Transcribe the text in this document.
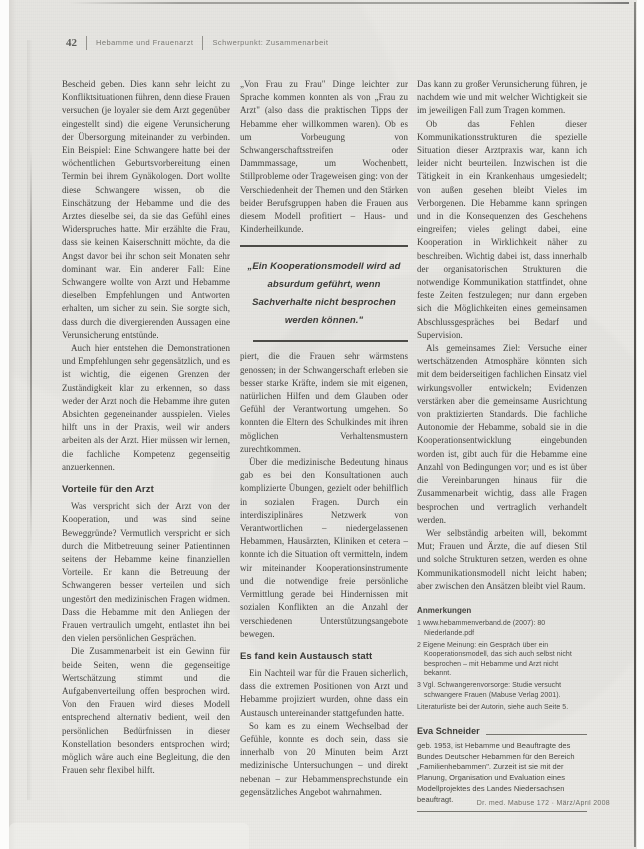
42	Hebamme und Frauenarzt	Schwerpunkt: Zusammenarbeit

Bescheid geben. Dies kann sehr leicht zu Konfliktsituationen führen, denn diese Frauen versuchen (je loyaler sie dem Arzt gegenüber eingestellt sind) die eigene Verunsicherung der Übersorgung miteinander zu verbinden. Ein Beispiel: Eine Schwangere hatte bei der wöchentlichen Geburtsvorbereitung einen Termin bei ihrem Gynäkologen. Dort wollte diese Schwangere wissen, ob die Einschätzung der Hebamme und die des Arztes dieselbe sei, da sie das Gefühl eines Widerspruches hatte. Mir erzählte die Frau, dass sie keinen Kaiserschnitt möchte, da die Angst davor bei ihr schon seit Monaten sehr dominant war. Ein anderer Fall: Eine Schwangere wollte von Arzt und Hebamme dieselben Empfehlungen und Antworten erhalten, um sicher zu sein. Sie sorgte sich, dass durch die divergierenden Aussagen eine Verunsicherung entstünde.

Auch hier entstehen die Demonstrationen und Empfehlungen sehr gegensätzlich, und es ist wichtig, die eigenen Grenzen der Zuständigkeit klar zu erkennen, so dass weder der Arzt noch die Hebamme ihre guten Absichten gegeneinander ausspielen. Vieles hilft uns in der Praxis, weil wir anders arbeiten als der Arzt. Hier müssen wir lernen, die fachliche Kompetenz gegenseitig anzuerkennen.

Vorteile für den Arzt

Was verspricht sich der Arzt von der Kooperation, und was sind seine Beweggründe? Vermutlich verspricht er sich durch die Mitbetreuung seiner Patientinnen seitens der Hebamme keine finanziellen Vorteile. Er kann die Betreuung der Schwangeren besser verteilen und sich ungestört den medizinischen Fragen widmen. Dass die Hebamme mit den Anliegen der Frauen vertraulich umgeht, entlastet ihn bei den vielen persönlichen Gesprächen.

Die Zusammenarbeit ist ein Gewinn für beide Seiten, wenn die gegenseitige Wertschätzung stimmt und die Aufgabenverteilung offen besprochen wird. Von den Frauen wird dieses Modell entsprechend alternativ bedient, weil den persönlichen Bedürfnissen in dieser Konstellation besonders entsprochen wird; möglich wäre auch eine Begleitung, die den Frauen sehr flexibel hilft.

„Von Frau zu Frau" Dinge leichter zur Sprache kommen konnten als von „Frau zu Arzt" (also dass die praktischen Tipps der Hebamme eher willkommen waren). Ob es um Vorbeugung von Schwangerschaftsstreifen oder Dammmassage, um Wochenbett, Stillprobleme oder Trageweisen ging: von der Verschiedenheit der Themen und den Stärken beider Berufsgruppen haben die Frauen aus diesem Modell profitiert – Haus- und Kinderheilkunde.

„Ein Kooperationsmodell wird ad absurdum geführt, wenn Sachverhalte nicht besprochen werden können."

piert, die die Frauen sehr wärmstens genossen; in der Schwangerschaft erleben sie besser starke Kräfte, indem sie mit eigenen, natürlichen Hilfen und dem Glauben oder Gefühl der Verantwortung umgehen. So konnten die Eltern des Schulkindes mit ihren möglichen Verhaltensmustern zurechtkommen.

Über die medizinische Bedeutung hinaus gab es bei den Konsultationen auch komplizierte Übungen, gezielt oder behilflich in sozialen Fragen. Durch ein interdisziplinäres Netzwerk von Verantwortlichen – niedergelassenen Hebammen, Hausärzten, Kliniken et cetera – konnte ich die Situation oft vermitteln, indem wir miteinander Kooperationsinstrumente und die notwendige freie persönliche Vermittlung gerade bei Hindernissen mit sozialen Konflikten an die Anzahl der verschiedenen Unterstützungsangebote bewegen.

Es fand kein Austausch statt

Ein Nachteil war für die Frauen sicherlich, dass die extremen Positionen von Arzt und Hebamme projiziert wurden, ohne dass ein Austausch untereinander stattgefunden hatte.

So kam es zu einem Wechselbad der Gefühle, konnte es doch sein, dass sie innerhalb von 20 Minuten beim Arzt medizinische Untersuchungen – und direkt nebenan – zur Hebammensprechstunde ein gegensätzliches Angebot wahrnahmen.

Das kann zu großer Verunsicherung führen, je nachdem wie und mit welcher Wichtigkeit sie im jeweiligen Fall zum Tragen kommen.

Ob das Fehlen dieser Kommunikationsstrukturen die spezielle Situation dieser Arztpraxis war, kann ich leider nicht beurteilen. Inzwischen ist die Tätigkeit in ein Krankenhaus umgesiedelt; von außen gesehen bleibt Vieles im Verborgenen. Die Hebamme kann springen und in die Konsequenzen des Geschehens eingreifen; vieles gelingt dabei, eine Kooperation in Wirklichkeit näher zu beschreiben. Wichtig dabei ist, dass innerhalb der organisatorischen Strukturen die notwendige Kommunikation stattfindet, ohne feste Zeiten festzulegen; nur dann ergeben sich die Möglichkeiten eines gemeinsamen Abschlussgespräches bei Bedarf und Supervision.

Als gemeinsames Ziel: Versuche einer wertschätzenden Atmosphäre könnten sich mit dem beiderseitigen fachlichen Einsatz viel wirkungsvoller entwickeln; Evidenzen verstärken aber die gemeinsame Ausrichtung von praktizierten Standards. Die fachliche Autonomie der Hebamme, sobald sie in die Kooperationsentwicklung eingebunden worden ist, gibt auch für die Hebamme eine Anzahl von Bedingungen vor; und es ist über die Vereinbarungen hinaus für die Zusammenarbeit wichtig, dass alle Fragen besprochen und vertraglich verhandelt werden.

Wer selbständig arbeiten will, bekommt Mut; Frauen und Ärzte, die auf diesen Stil und solche Strukturen setzen, werden es ohne Kommunikationsmodell nicht leicht haben; aber zwischen den Ansätzen bleibt viel Raum.

Anmerkungen

1 www.hebammenverband.de (2007): 80 Niederlande.pdf

2 Eigene Meinung: ein Gespräch über ein Kooperationsmodell, das sich auch selbst nicht besprochen – mit Hebamme und Arzt nicht bekannt.

3 Vgl. Schwangerenvorsorge: Studie versucht schwangere Frauen (Mabuse Verlag 2001).

Literaturliste bei der Autorin, siehe auch Seite 5.

Eva Schneider

geb. 1953, ist Hebamme und Beauftragte des Bundes Deutscher Hebammen für den Bereich „Familienhebammen". Zurzeit ist sie mit der Planung, Organisation und Evaluation eines Modellprojektes des Landes Niedersachsen beauftragt.	Dr. med. Mabuse 172 · März/April 2008
